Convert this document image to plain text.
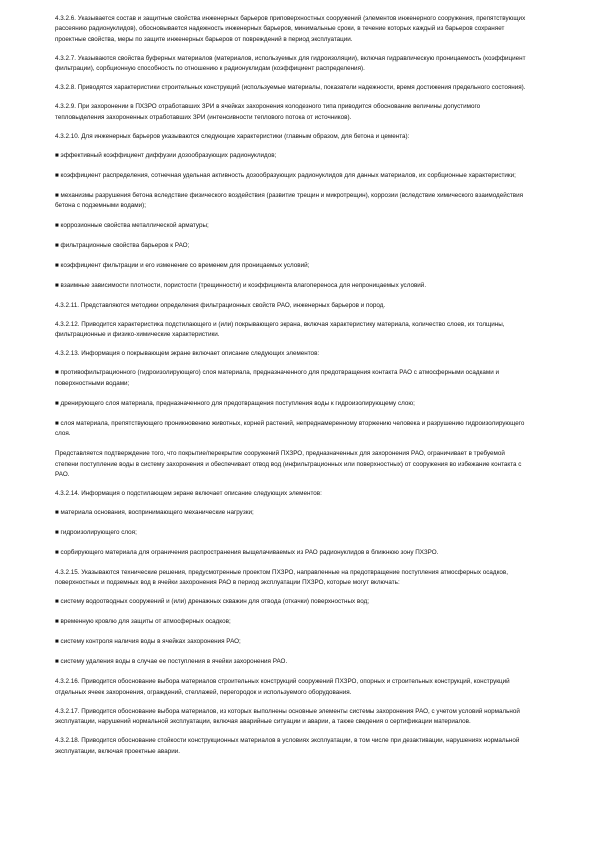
4.3.2.6. Указывается состав и защитные свойства инженерных барьеров приповерхностных сооружений (элементов инженерного сооружения, препятствующих рассеянию радионуклидов), обосновывается надежность инженерных барьеров, минимальные сроки, в течение которых каждый из барьеров сохраняет проектные свойства, меры по защите инженерных барьеров от повреждений в период эксплуатации.

4.3.2.7. Указываются свойства буферных материалов (материалов, используемых для гидроизоляции), включая гидравлическую проницаемость (коэффициент фильтрации), сорбционную способность по отношению к радионуклидам (коэффициент распределения).

4.3.2.8. Приводятся характеристики строительных конструкций (используемые материалы, показатели надежности, время достижения предельного состояния).

4.3.2.9. При захоронении в ПХЗРО отработавших ЗРИ в ячейках захоронения колодезного типа приводится обоснование величины допустимого тепловыделения захороненных отработавших ЗРИ (интенсивности теплового потока от источников).

4.3.2.10. Для инженерных барьеров указываются следующие характеристики (главным образом, для бетона и цемента):

■ эффективный коэффициент диффузии дозообразующих радионуклидов;

■ коэффициент распределения, сотнечная удельная активность дозообразующих радионуклидов для данных материалов, их сорбционные характеристики;

■ механизмы разрушения бетона вследствие физического воздействия (развитие трещин и микротрещин), коррозии (вследствие химического взаимодействия бетона с подземными водами);

■ коррозионные свойства металлической арматуры;

■ фильтрационные свойства барьеров к РАО;

■ коэффициент фильтрации и его изменение со временем для проницаемых условий;

■ взаимные зависимости плотности, пористости (трещинности) и коэффициента влагопереноса для непроницаемых условий.

4.3.2.11. Представляются методики определения фильтрационных свойств РАО, инженерных барьеров и пород.

4.3.2.12. Приводится характеристика подстилающего и (или) покрывающего экрана, включая характеристику материала, количество слоев, их толщины, фильтрационные и физико-химические характеристики.

4.3.2.13. Информация о покрывающем экране включает описание следующих элементов:

■ противофильтрационного (гидроизолирующего) слоя материала, предназначенного для предотвращения контакта РАО с атмосферными осадками и поверхностными водами;

■ дренирующего слоя материала, предназначенного для предотвращения поступления воды к гидроизолирующему слою;

■ слоя материала, препятствующего проникновению животных, корней растений, непреднамеренному вторжению человека и разрушению гидроизолирующего слоя.

Представляется подтверждение того, что покрытие/перекрытие сооружений ПХЗРО, предназначенных для захоронения РАО, ограничивает в требуемой степени поступление воды в систему захоронения и обеспечивает отвод вод (инфильтрационных или поверхностных) от сооружения во избежание контакта с РАО.

4.3.2.14. Информация о подстилающем экране включает описание следующих элементов:

■ материала основания, воспринимающего механические нагрузки;

■ гидроизолирующего слоя;

■ сорбирующего материала для ограничения распространения выщелачиваемых из РАО радионуклидов в ближнюю зону ПХЗРО.

4.3.2.15. Указываются технические решения, предусмотренные проектом ПХЗРО, направленные на предотвращение поступления атмосферных осадков, поверхностных и подземных вод в ячейки захоронения РАО в период эксплуатации ПХЗРО, которые могут включать:

■ систему водоотводных сооружений и (или) дренажных скважин для отвода (откачки) поверхностных вод;

■ временную кровлю для защиты от атмосферных осадков;

■ систему контроля наличия воды в ячейках захоронения РАО;

■ систему удаления воды в случае ее поступления в ячейки захоронения РАО.

4.3.2.16. Приводится обоснование выбора материалов строительных конструкций сооружений ПХЗРО, опорных и строительных конструкций, конструкций отдельных ячеек захоронения, ограждений, стеллажей, перегородок и используемого оборудования.

4.3.2.17. Приводится обоснование выбора материалов, из которых выполнены основные элементы системы захоронения РАО, с учетом условий нормальной эксплуатации, нарушений нормальной эксплуатации, включая аварийные ситуации и аварии, а также сведения о сертификации материалов.

4.3.2.18. Приводится обоснование стойкости конструкционных материалов в условиях эксплуатации, в том числе при дезактивации, нарушениях нормальной эксплуатации, включая проектные аварии.
